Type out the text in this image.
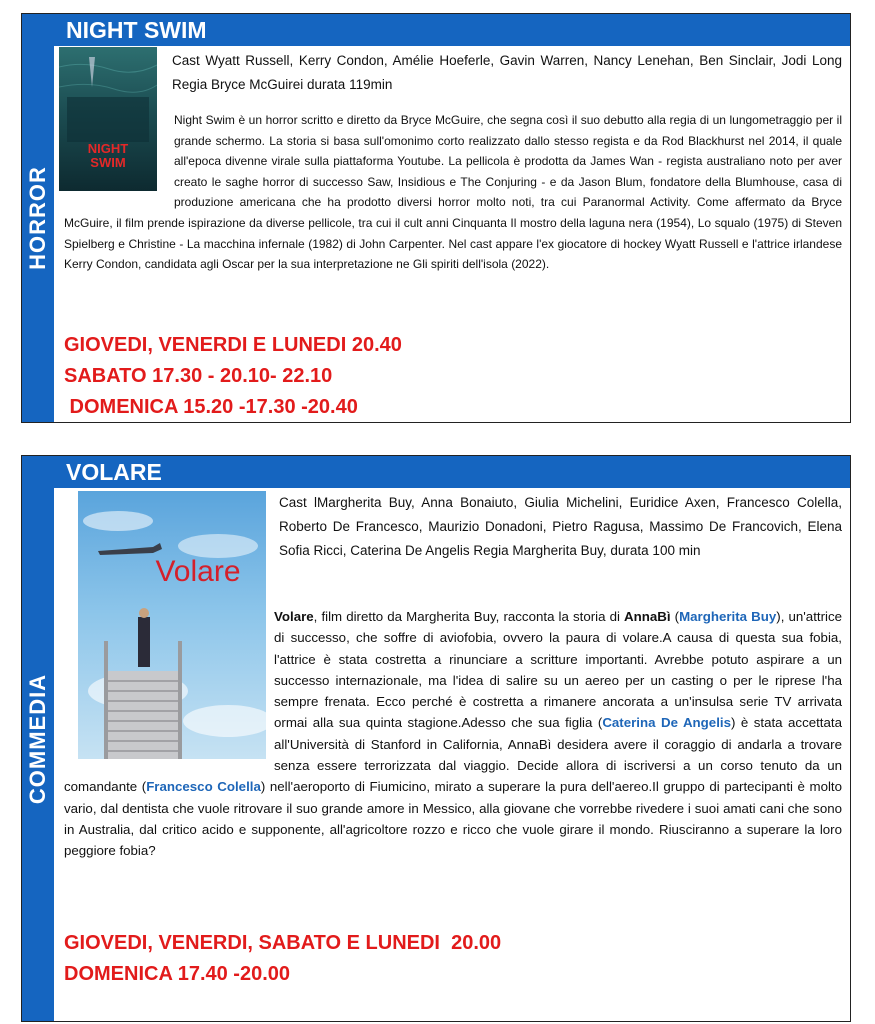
HORROR
NIGHT SWIM
NIGHT
SWIM
Cast Wyatt Russell, Kerry Condon, Amélie Hoeferle, Gavin Warren, Nancy Lenehan, Ben Sinclair, Jodi Long Regia Bryce McGuirei durata 119min
Night Swim è un horror scritto e diretto da Bryce McGuire, che segna così il suo debutto alla regia di un lungometraggio per il grande schermo. La storia si basa sull'omonimo corto realizzato dallo stesso regista e da Rod Blackhurst nel 2014, il quale all'epoca divenne virale sulla piattaforma Youtube. La pellicola è prodotta da James Wan - regista australiano noto per aver creato le saghe horror di successo Saw, Insidious e The Conjuring - e da Jason Blum, fondatore della Blumhouse, casa di produzione americana che ha prodotto diversi horror molto noti, tra cui Paranormal Activity. Come affermato da Bryce McGuire, il film prende ispirazione da diverse pellicole, tra cui il cult anni Cinquanta Il mostro della laguna nera (1954), Lo squalo (1975) di Steven Spielberg e Christine - La macchina infernale (1982) di John Carpenter. Nel cast appare l'ex giocatore di hockey Wyatt Russell e l'attrice irlandese Kerry Condon, candidata agli Oscar per la sua interpretazione ne Gli spiriti dell'isola (2022).
GIOVEDI, VENERDI E LUNEDI 20.40
SABATO 17.30 - 20.10- 22.10
DOMENICA 15.20 -17.30 -20.40
COMMEDIA
VOLARE
Volare
Cast lMargherita Buy, Anna Bonaiuto, Giulia Michelini, Euridice Axen, Francesco Colella, Roberto De Francesco, Maurizio Donadoni, Pietro Ragusa, Massimo De Francovich, Elena Sofia Ricci, Caterina De Angelis Regia Margherita Buy, durata 100 min
Volare, film diretto da Margherita Buy, racconta la storia di AnnaBì (Margherita Buy), un'attrice di successo, che soffre di aviofobia, ovvero la paura di volare.A causa di questa sua fobia, l'attrice è stata costretta a rinunciare a scritture importanti. Avrebbe potuto aspirare a un successo internazionale, ma l'idea di salire su un aereo per un casting o per le riprese l'ha sempre frenata. Ecco perché è costretta a rimanere ancorata a un'insulsa serie TV arrivata ormai alla sua quinta stagione.Adesso che sua figlia (Caterina De Angelis) è stata accettata all'Università di Stanford in California, AnnaBì desidera avere il coraggio di andarla a trovare senza essere terrorizzata dal viaggio. Decide allora di iscriversi a un corso tenuto da un comandante (Francesco Colella) nell'aeroporto di Fiumicino, mirato a superare la pura dell'aereo.Il gruppo di partecipanti è molto vario, dal dentista che vuole ritrovare il suo grande amore in Messico, alla giovane che vorrebbe rivedere i suoi amati cani che sono in Australia, dal critico acido e supponente, all'agricoltore rozzo e ricco che vuole girare il mondo. Riusciranno a superare la loro peggiore fobia?
GIOVEDI, VENERDI, SABATO E LUNEDI  20.00
DOMENICA 17.40 -20.00
